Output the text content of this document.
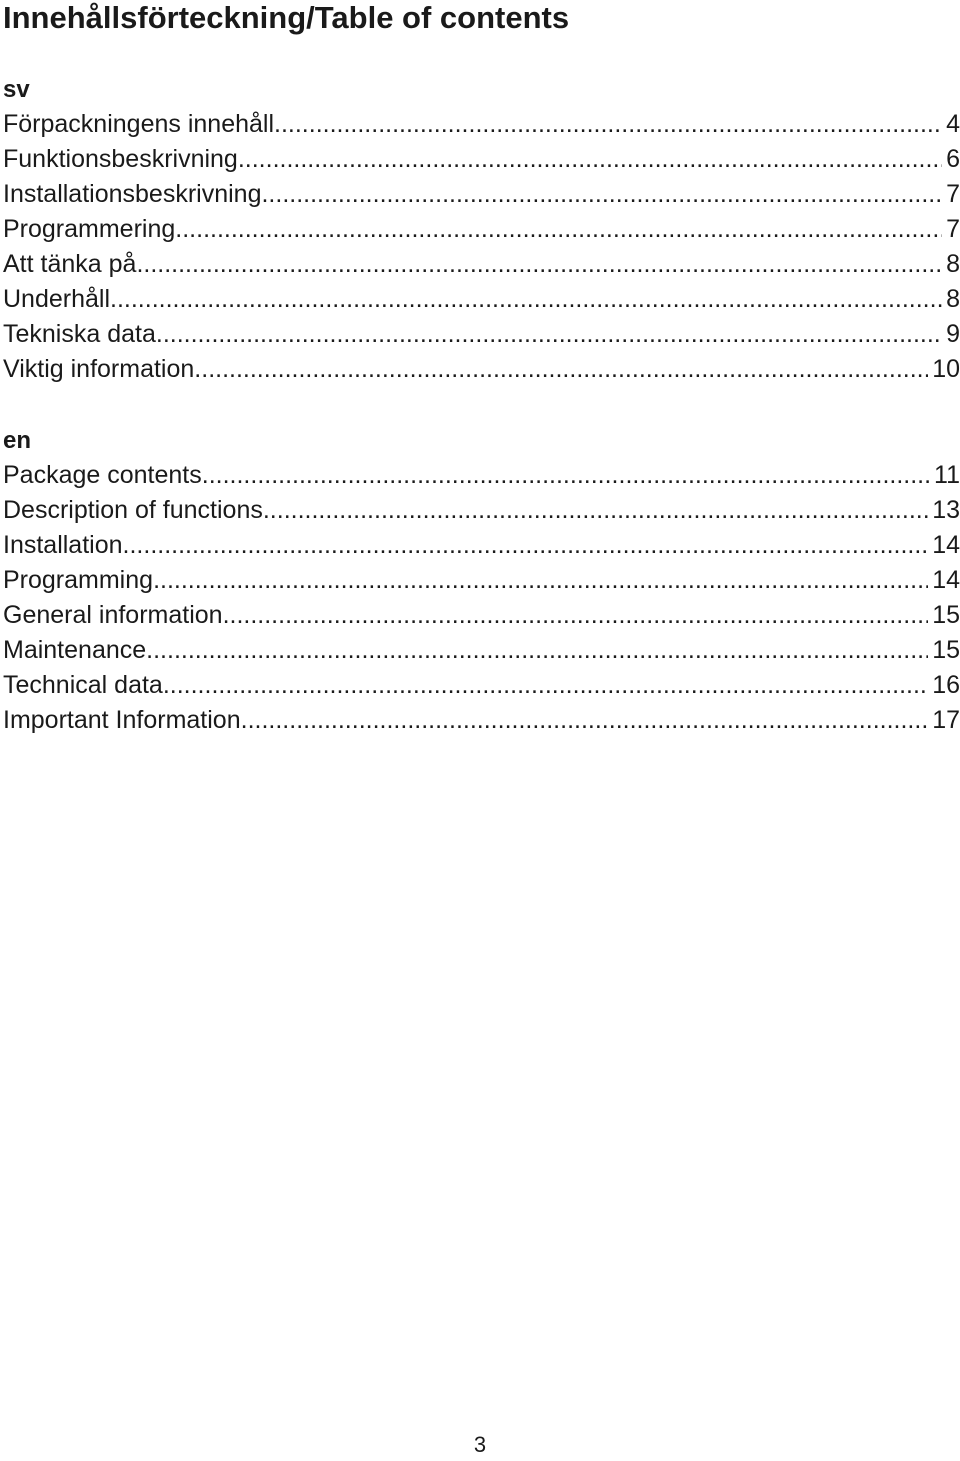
Innehållsförteckning/Table of contents
sv
Förpackningens innehåll .....	4
Funktionsbeskrivning .....	6
Installationsbeskrivning .....	7
Programmering .....	7
Att tänka på .....	8
Underhåll .....	8
Tekniska data .....	9
Viktig information .....	10
en
Package contents .....	11
Description of functions .....	13
Installation .....	14
Programming .....	14
General information .....	15
Maintenance .....	15
Technical data .....	16
Important Information .....	17
3
